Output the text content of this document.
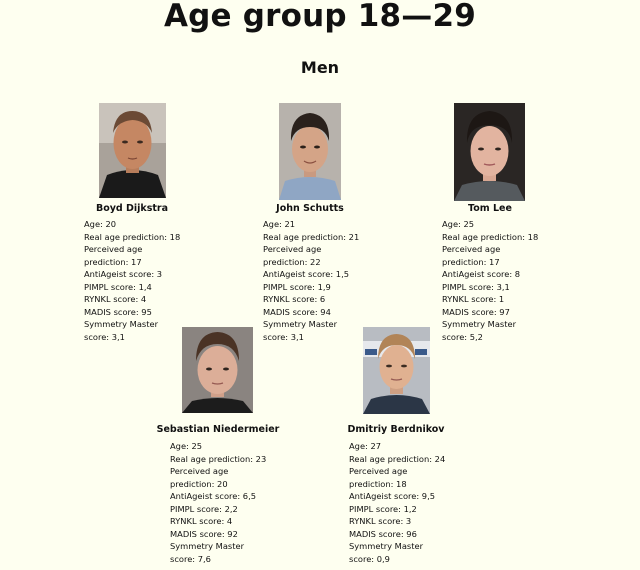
Age group 18—29
Men
Boyd Dijkstra
Age: 20
Real age prediction: 18
Perceived age prediction: 17
AntiAgeist score: 3
PIMPL score: 1,4
RYNKL score: 4
MADIS score: 95
Symmetry Master score: 3,1
John Schutts
Age: 21
Real age prediction: 21
Perceived age prediction: 22
AntiAgeist score: 1,5
PIMPL score: 1,9
RYNKL score: 6
MADIS score: 94
Symmetry Master score: 3,1
Tom Lee
Age: 25
Real age prediction: 18
Perceived age prediction: 17
AntiAgeist score: 8
PIMPL score: 3,1
RYNKL score: 1
MADIS score: 97
Symmetry Master score: 5,2
Sebastian Niedermeier
Age: 25
Real age prediction: 23
Perceived age prediction: 20
AntiAgeist score: 6,5
PIMPL score: 2,2
RYNKL score: 4
MADIS score: 92
Symmetry Master score: 7,6
Dmitriy Berdnikov
Age: 27
Real age prediction: 24
Perceived age prediction: 18
AntiAgeist score: 9,5
PIMPL score: 1,2
RYNKL score: 3
MADIS score: 96
Symmetry Master score: 0,9
